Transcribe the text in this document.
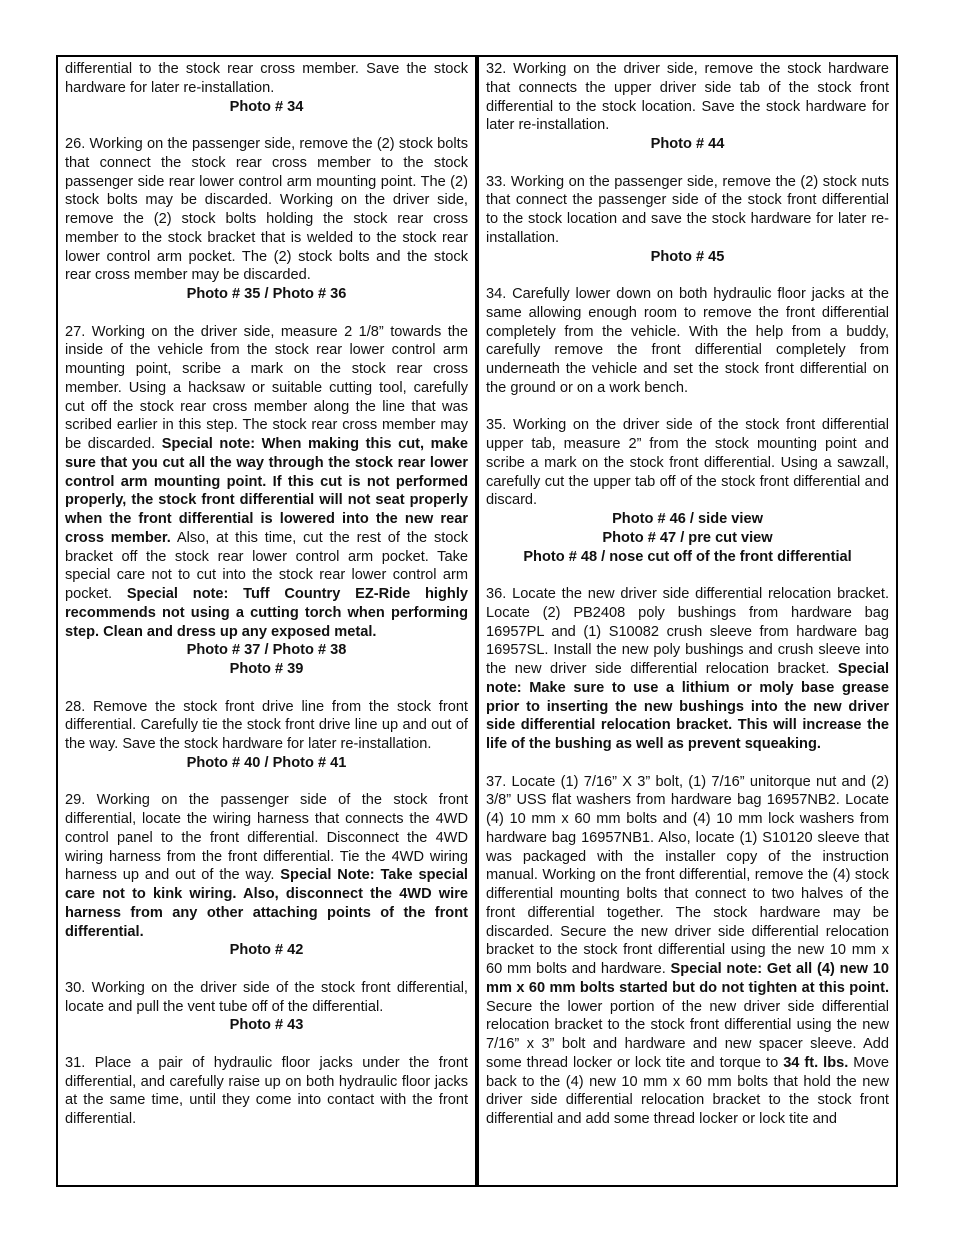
differential to the stock rear cross member. Save the stock hardware for later re-installation.
Photo # 34

26. Working on the passenger side, remove the (2) stock bolts that connect the stock rear cross member to the stock passenger side rear lower control arm mounting point. The (2) stock bolts may be discarded. Working on the driver side, remove the (2) stock bolts holding the stock rear cross member to the stock bracket that is welded to the stock rear lower control arm pocket. The (2) stock bolts and the stock rear cross member may be discarded.
Photo # 35 / Photo # 36

27. Working on the driver side, measure 2 1/8” towards the inside of the vehicle from the stock rear lower control arm mounting point, scribe a mark on the stock rear cross member. Using a hacksaw or suitable cutting tool, carefully cut off the stock rear cross member along the line that was scribed earlier in this step. The stock rear cross member may be discarded. Special note: When making this cut, make sure that you cut all the way through the stock rear lower control arm mounting point. If this cut is not performed properly, the stock front differential will not seat properly when the front differential is lowered into the new rear cross member. Also, at this time, cut the rest of the stock bracket off the stock rear lower control arm pocket. Take special care not to cut into the stock rear lower control arm pocket. Special note: Tuff Country EZ-Ride highly recommends not using a cutting torch when performing step. Clean and dress up any exposed metal.
Photo # 37 / Photo # 38
Photo # 39

28. Remove the stock front drive line from the stock front differential. Carefully tie the stock front drive line up and out of the way. Save the stock hardware for later re-installation.
Photo # 40 / Photo # 41

29. Working on the passenger side of the stock front differential, locate the wiring harness that connects the 4WD control panel to the front differential. Disconnect the 4WD wiring harness from the front differential. Tie the 4WD wiring harness up and out of the way. Special Note: Take special care not to kink wiring. Also, disconnect the 4WD wire harness from any other attaching points of the front differential.
Photo # 42

30. Working on the driver side of the stock front differential, locate and pull the vent tube off of the differential.
Photo # 43

31. Place a pair of hydraulic floor jacks under the front differential, and carefully raise up on both hydraulic floor jacks at the same time, until they come into contact with the front differential.

32. Working on the driver side, remove the stock hardware that connects the upper driver side tab of the stock front differential to the stock location. Save the stock hardware for later re-installation.
Photo # 44

33. Working on the passenger side, remove the (2) stock nuts that connect the passenger side of the stock front differential to the stock location and save the stock hardware for later re-installation.
Photo # 45

34. Carefully lower down on both hydraulic floor jacks at the same allowing enough room to remove the front differential completely from the vehicle. With the help from a buddy, carefully remove the front differential completely from underneath the vehicle and set the stock front differential on the ground or on a work bench.

35. Working on the driver side of the stock front differential upper tab, measure 2” from the stock mounting point and scribe a mark on the stock front differential. Using a sawzall, carefully cut the upper tab off of the stock front differential and discard.
Photo # 46 / side view
Photo # 47 / pre cut view
Photo # 48 / nose cut off of the front differential

36. Locate the new driver side differential relocation bracket. Locate (2) PB2408 poly bushings from hardware bag 16957PL and (1) S10082 crush sleeve from hardware bag 16957SL. Install the new poly bushings and crush sleeve into the new driver side differential relocation bracket. Special note: Make sure to use a lithium or moly base grease prior to inserting the new bushings into the new driver side differential relocation bracket. This will increase the life of the bushing as well as prevent squeaking.

37. Locate (1) 7/16” X 3” bolt, (1) 7/16” unitorque nut and (2) 3/8” USS flat washers from hardware bag 16957NB2. Locate (4) 10 mm x 60 mm bolts and (4) 10 mm lock washers from hardware bag 16957NB1. Also, locate (1) S10120 sleeve that was packaged with the installer copy of the instruction manual. Working on the front differential, remove the (4) stock differential mounting bolts that connect to two halves of the front differential together. The stock hardware may be discarded. Secure the new driver side differential relocation bracket to the stock front differential using the new 10 mm x 60 mm bolts and hardware. Special note: Get all (4) new 10 mm x 60 mm bolts started but do not tighten at this point. Secure the lower portion of the new driver side differential relocation bracket to the stock front differential using the new 7/16” x 3” bolt and hardware and new spacer sleeve. Add some thread locker or lock tite and torque to 34 ft. lbs. Move back to the (4) new 10 mm x 60 mm bolts that hold the new driver side differential relocation bracket to the stock front differential and add some thread locker or lock tite and
